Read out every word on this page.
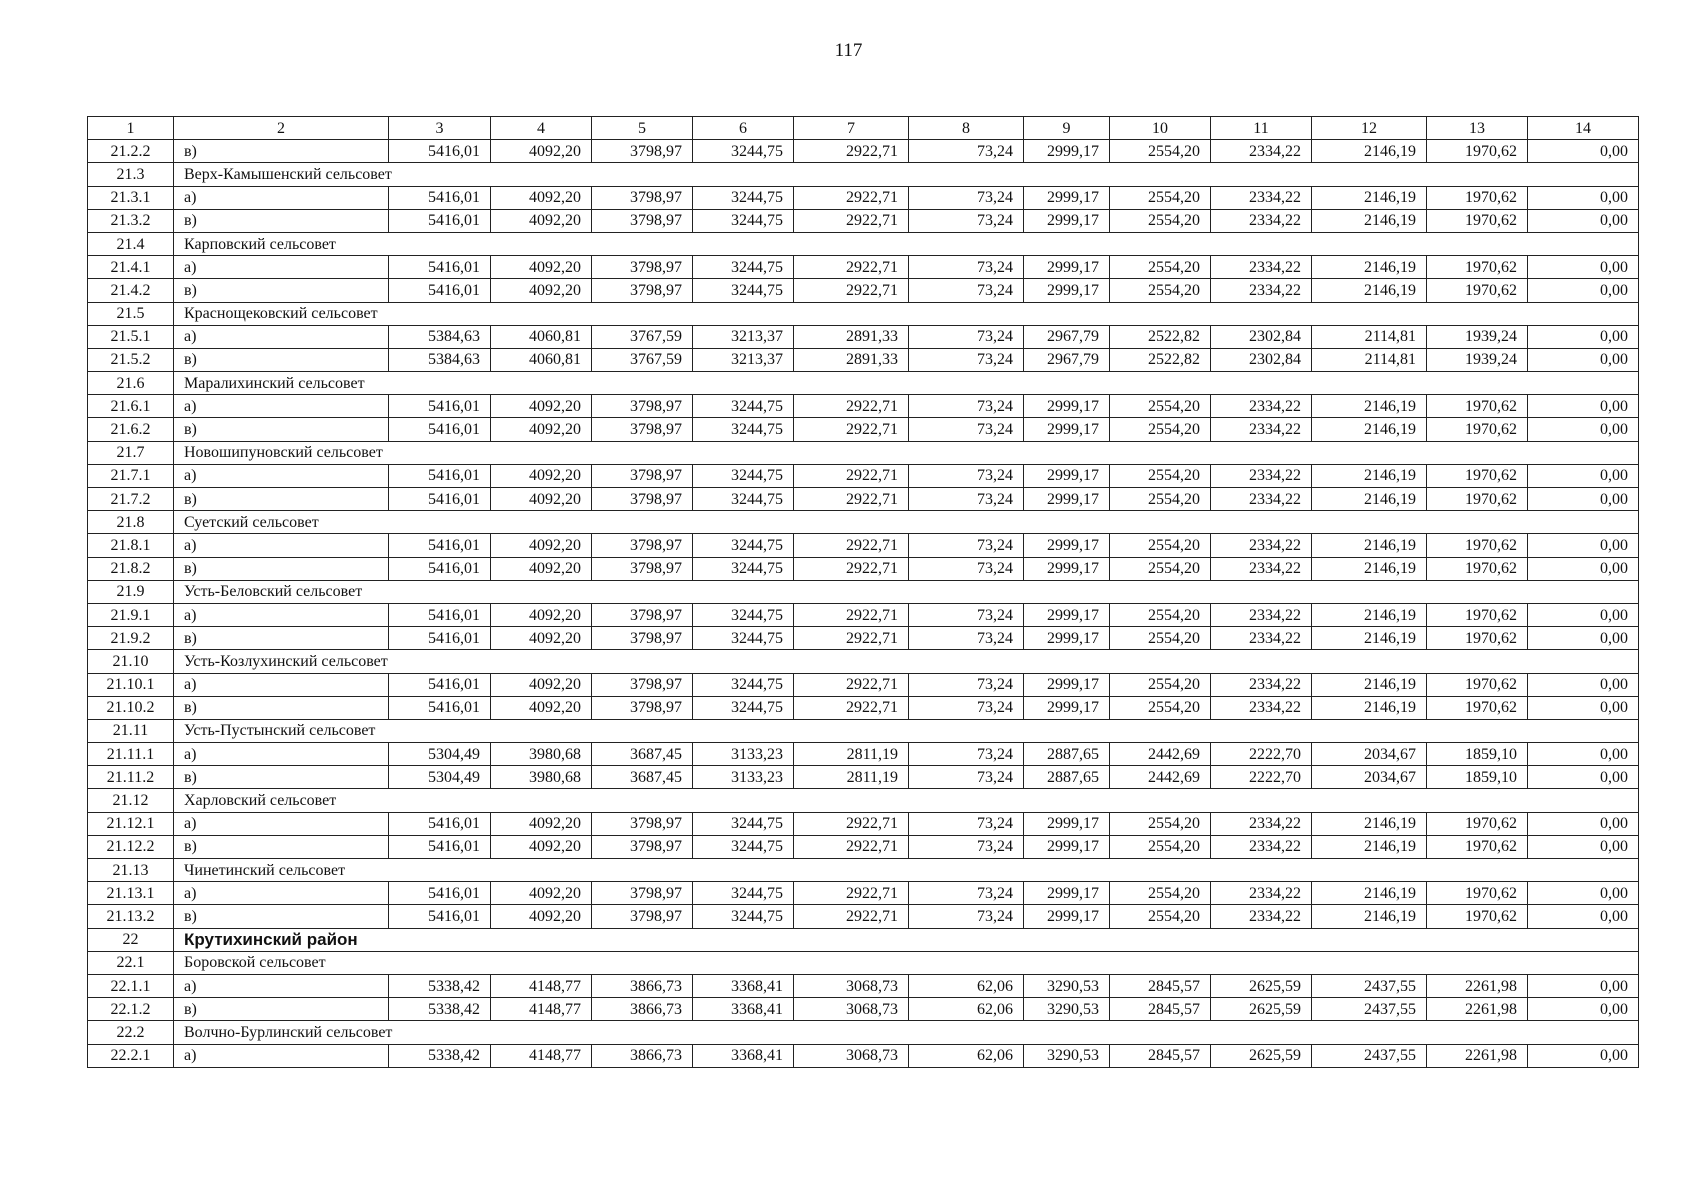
117
1	2	3	4	5	6	7	8	9	10	11	12	13	14
21.2.2	в)	5416,01	4092,20	3798,97	3244,75	2922,71	73,24	2999,17	2554,20	2334,22	2146,19	1970,62	0,00
21.3	Верх-Камышенский сельсовет												
21.3.1	а)	5416,01	4092,20	3798,97	3244,75	2922,71	73,24	2999,17	2554,20	2334,22	2146,19	1970,62	0,00
21.3.2	в)	5416,01	4092,20	3798,97	3244,75	2922,71	73,24	2999,17	2554,20	2334,22	2146,19	1970,62	0,00
21.4	Карповский сельсовет												
21.4.1	а)	5416,01	4092,20	3798,97	3244,75	2922,71	73,24	2999,17	2554,20	2334,22	2146,19	1970,62	0,00
21.4.2	в)	5416,01	4092,20	3798,97	3244,75	2922,71	73,24	2999,17	2554,20	2334,22	2146,19	1970,62	0,00
21.5	Краснощековский сельсовет												
21.5.1	а)	5384,63	4060,81	3767,59	3213,37	2891,33	73,24	2967,79	2522,82	2302,84	2114,81	1939,24	0,00
21.5.2	в)	5384,63	4060,81	3767,59	3213,37	2891,33	73,24	2967,79	2522,82	2302,84	2114,81	1939,24	0,00
21.6	Маралихинский сельсовет												
21.6.1	а)	5416,01	4092,20	3798,97	3244,75	2922,71	73,24	2999,17	2554,20	2334,22	2146,19	1970,62	0,00
21.6.2	в)	5416,01	4092,20	3798,97	3244,75	2922,71	73,24	2999,17	2554,20	2334,22	2146,19	1970,62	0,00
21.7	Новошипуновский сельсовет												
21.7.1	а)	5416,01	4092,20	3798,97	3244,75	2922,71	73,24	2999,17	2554,20	2334,22	2146,19	1970,62	0,00
21.7.2	в)	5416,01	4092,20	3798,97	3244,75	2922,71	73,24	2999,17	2554,20	2334,22	2146,19	1970,62	0,00
21.8	Суетский сельсовет												
21.8.1	а)	5416,01	4092,20	3798,97	3244,75	2922,71	73,24	2999,17	2554,20	2334,22	2146,19	1970,62	0,00
21.8.2	в)	5416,01	4092,20	3798,97	3244,75	2922,71	73,24	2999,17	2554,20	2334,22	2146,19	1970,62	0,00
21.9	Усть-Беловский сельсовет												
21.9.1	а)	5416,01	4092,20	3798,97	3244,75	2922,71	73,24	2999,17	2554,20	2334,22	2146,19	1970,62	0,00
21.9.2	в)	5416,01	4092,20	3798,97	3244,75	2922,71	73,24	2999,17	2554,20	2334,22	2146,19	1970,62	0,00
21.10	Усть-Козлухинский сельсовет												
21.10.1	а)	5416,01	4092,20	3798,97	3244,75	2922,71	73,24	2999,17	2554,20	2334,22	2146,19	1970,62	0,00
21.10.2	в)	5416,01	4092,20	3798,97	3244,75	2922,71	73,24	2999,17	2554,20	2334,22	2146,19	1970,62	0,00
21.11	Усть-Пустынский сельсовет												
21.11.1	а)	5304,49	3980,68	3687,45	3133,23	2811,19	73,24	2887,65	2442,69	2222,70	2034,67	1859,10	0,00
21.11.2	в)	5304,49	3980,68	3687,45	3133,23	2811,19	73,24	2887,65	2442,69	2222,70	2034,67	1859,10	0,00
21.12	Харловский сельсовет												
21.12.1	а)	5416,01	4092,20	3798,97	3244,75	2922,71	73,24	2999,17	2554,20	2334,22	2146,19	1970,62	0,00
21.12.2	в)	5416,01	4092,20	3798,97	3244,75	2922,71	73,24	2999,17	2554,20	2334,22	2146,19	1970,62	0,00
21.13	Чинетинский сельсовет												
21.13.1	а)	5416,01	4092,20	3798,97	3244,75	2922,71	73,24	2999,17	2554,20	2334,22	2146,19	1970,62	0,00
21.13.2	в)	5416,01	4092,20	3798,97	3244,75	2922,71	73,24	2999,17	2554,20	2334,22	2146,19	1970,62	0,00
22	Крутихинский район												
22.1	Боровской сельсовет												
22.1.1	а)	5338,42	4148,77	3866,73	3368,41	3068,73	62,06	3290,53	2845,57	2625,59	2437,55	2261,98	0,00
22.1.2	в)	5338,42	4148,77	3866,73	3368,41	3068,73	62,06	3290,53	2845,57	2625,59	2437,55	2261,98	0,00
22.2	Волчно-Бурлинский сельсовет												
22.2.1	а)	5338,42	4148,77	3866,73	3368,41	3068,73	62,06	3290,53	2845,57	2625,59	2437,55	2261,98	0,00
